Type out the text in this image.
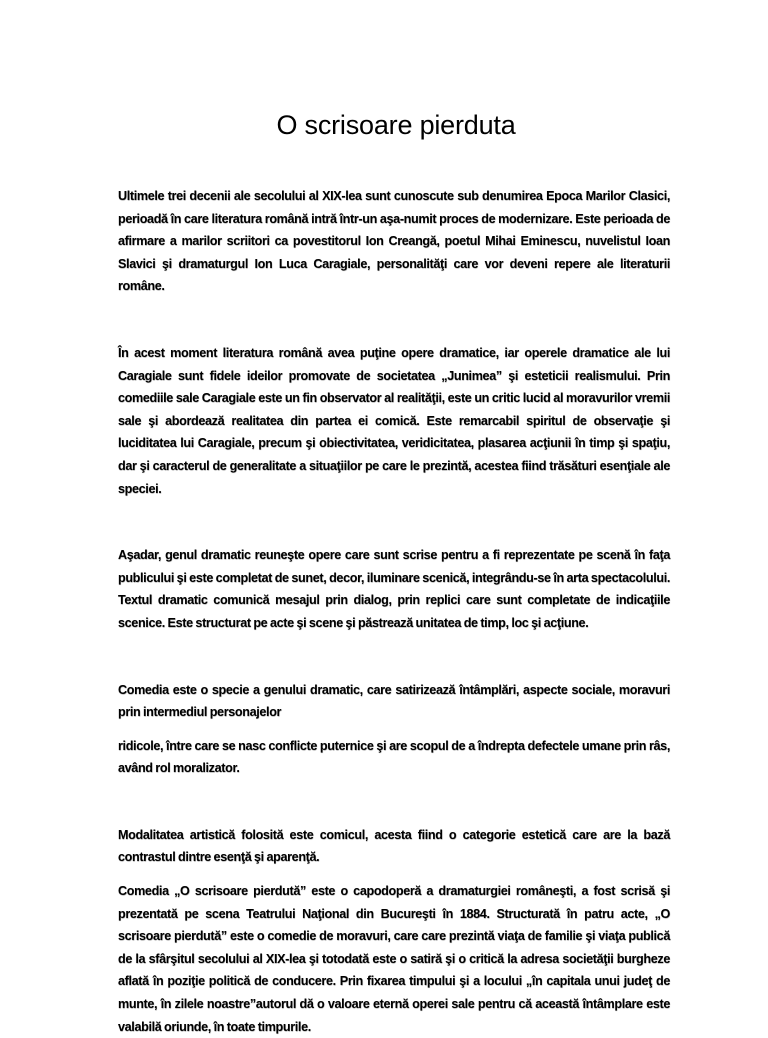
O scrisoare pierduta

Ultimele trei decenii ale secolului al XIX-lea sunt cunoscute sub denumirea Epoca Marilor Clasici, perioadă în care literatura română intră într-un aşa-numit proces de modernizare. Este perioada de afirmare a marilor scriitori ca povestitorul Ion Creangă, poetul Mihai Eminescu, nuvelistul Ioan Slavici şi dramaturgul Ion Luca Caragiale, personalităţi care vor deveni repere ale literaturii române.

În acest moment literatura română avea puţine opere dramatice, iar operele dramatice ale lui Caragiale sunt fidele ideilor promovate de societatea „Junimea” şi esteticii realismului. Prin comediile sale Caragiale este un fin observator al realităţii, este un critic lucid al moravurilor vremii sale şi abordează realitatea din partea ei comică. Este remarcabil spiritul de observaţie şi luciditatea lui Caragiale, precum şi obiectivitatea, veridicitatea, plasarea acţiunii în timp şi spaţiu, dar şi caracterul de generalitate a situaţiilor pe care le prezintă, acestea fiind trăsături esenţiale ale speciei.

Aşadar, genul dramatic reuneşte opere care sunt scrise pentru a fi reprezentate pe scenă în faţa publicului şi este completat de sunet, decor, iluminare scenică, integrându-se în arta spectacolului. Textul dramatic comunică mesajul prin dialog, prin replici care sunt completate de indicaţiile scenice. Este structurat pe acte şi scene şi păstrează unitatea de timp, loc şi acţiune.

Comedia este o specie a genului dramatic, care satirizează întâmplări, aspecte sociale, moravuri prin intermediul personajelor

ridicole, între care se nasc conflicte puternice şi are scopul de a îndrepta defectele umane prin râs, având rol moralizator.

Modalitatea artistică folosită este comicul, acesta fiind o categorie estetică care are la bază contrastul dintre esenţă şi aparenţă.

Comedia „O scrisoare pierdută” este o capodoperă a dramaturgiei româneşti, a fost scrisă şi prezentată pe scena Teatrului Naţional din Bucureşti în 1884. Structurată în patru acte, „O scrisoare pierdută” este o comedie de moravuri, care care prezintă viaţa de familie şi viaţa publică de la sfârşitul secolului al XIX-lea şi totodată este o satiră şi o critică la adresa societăţii burgheze aflată în poziţie politică de conducere. Prin fixarea timpului şi a locului „în capitala unui judeţ de munte, în zilele noastre”autorul dă o valoare eternă operei sale pentru că această întâmplare este valabilă oriunde, în toate timpurile.
